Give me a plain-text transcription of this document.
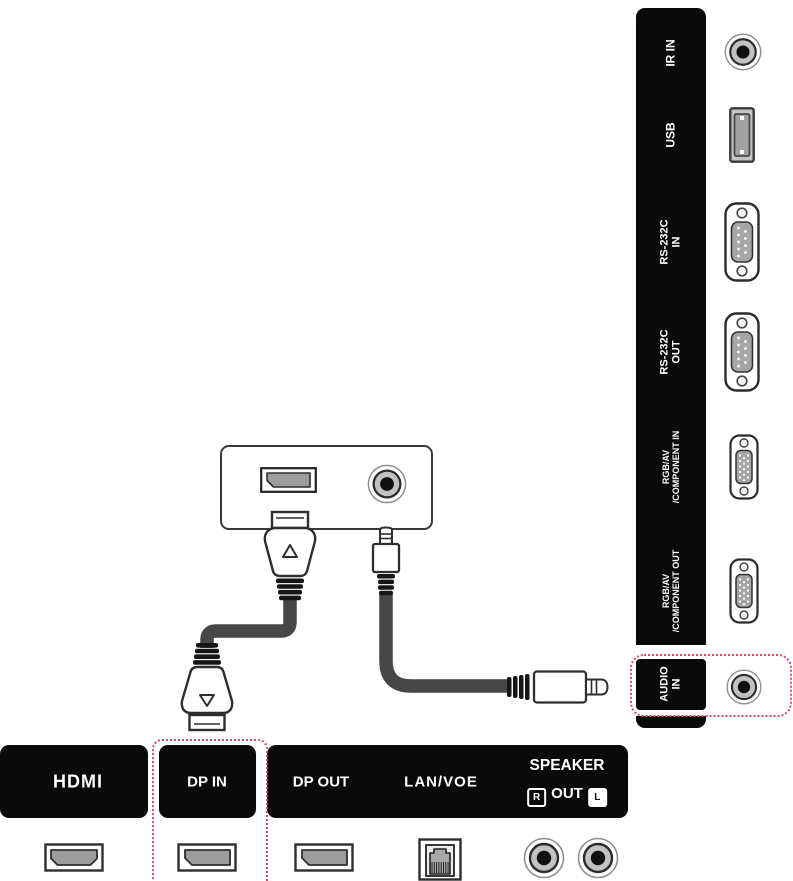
IR IN
USB
RS-232C IN
RS-232C OUT
RGB/AV /COMPONENT IN
RGB/AV /COMPONENT OUT
AUDIO IN
HDMI	DP IN	DP OUT	LAN/VOE
SPEAKER
R OUT	L
